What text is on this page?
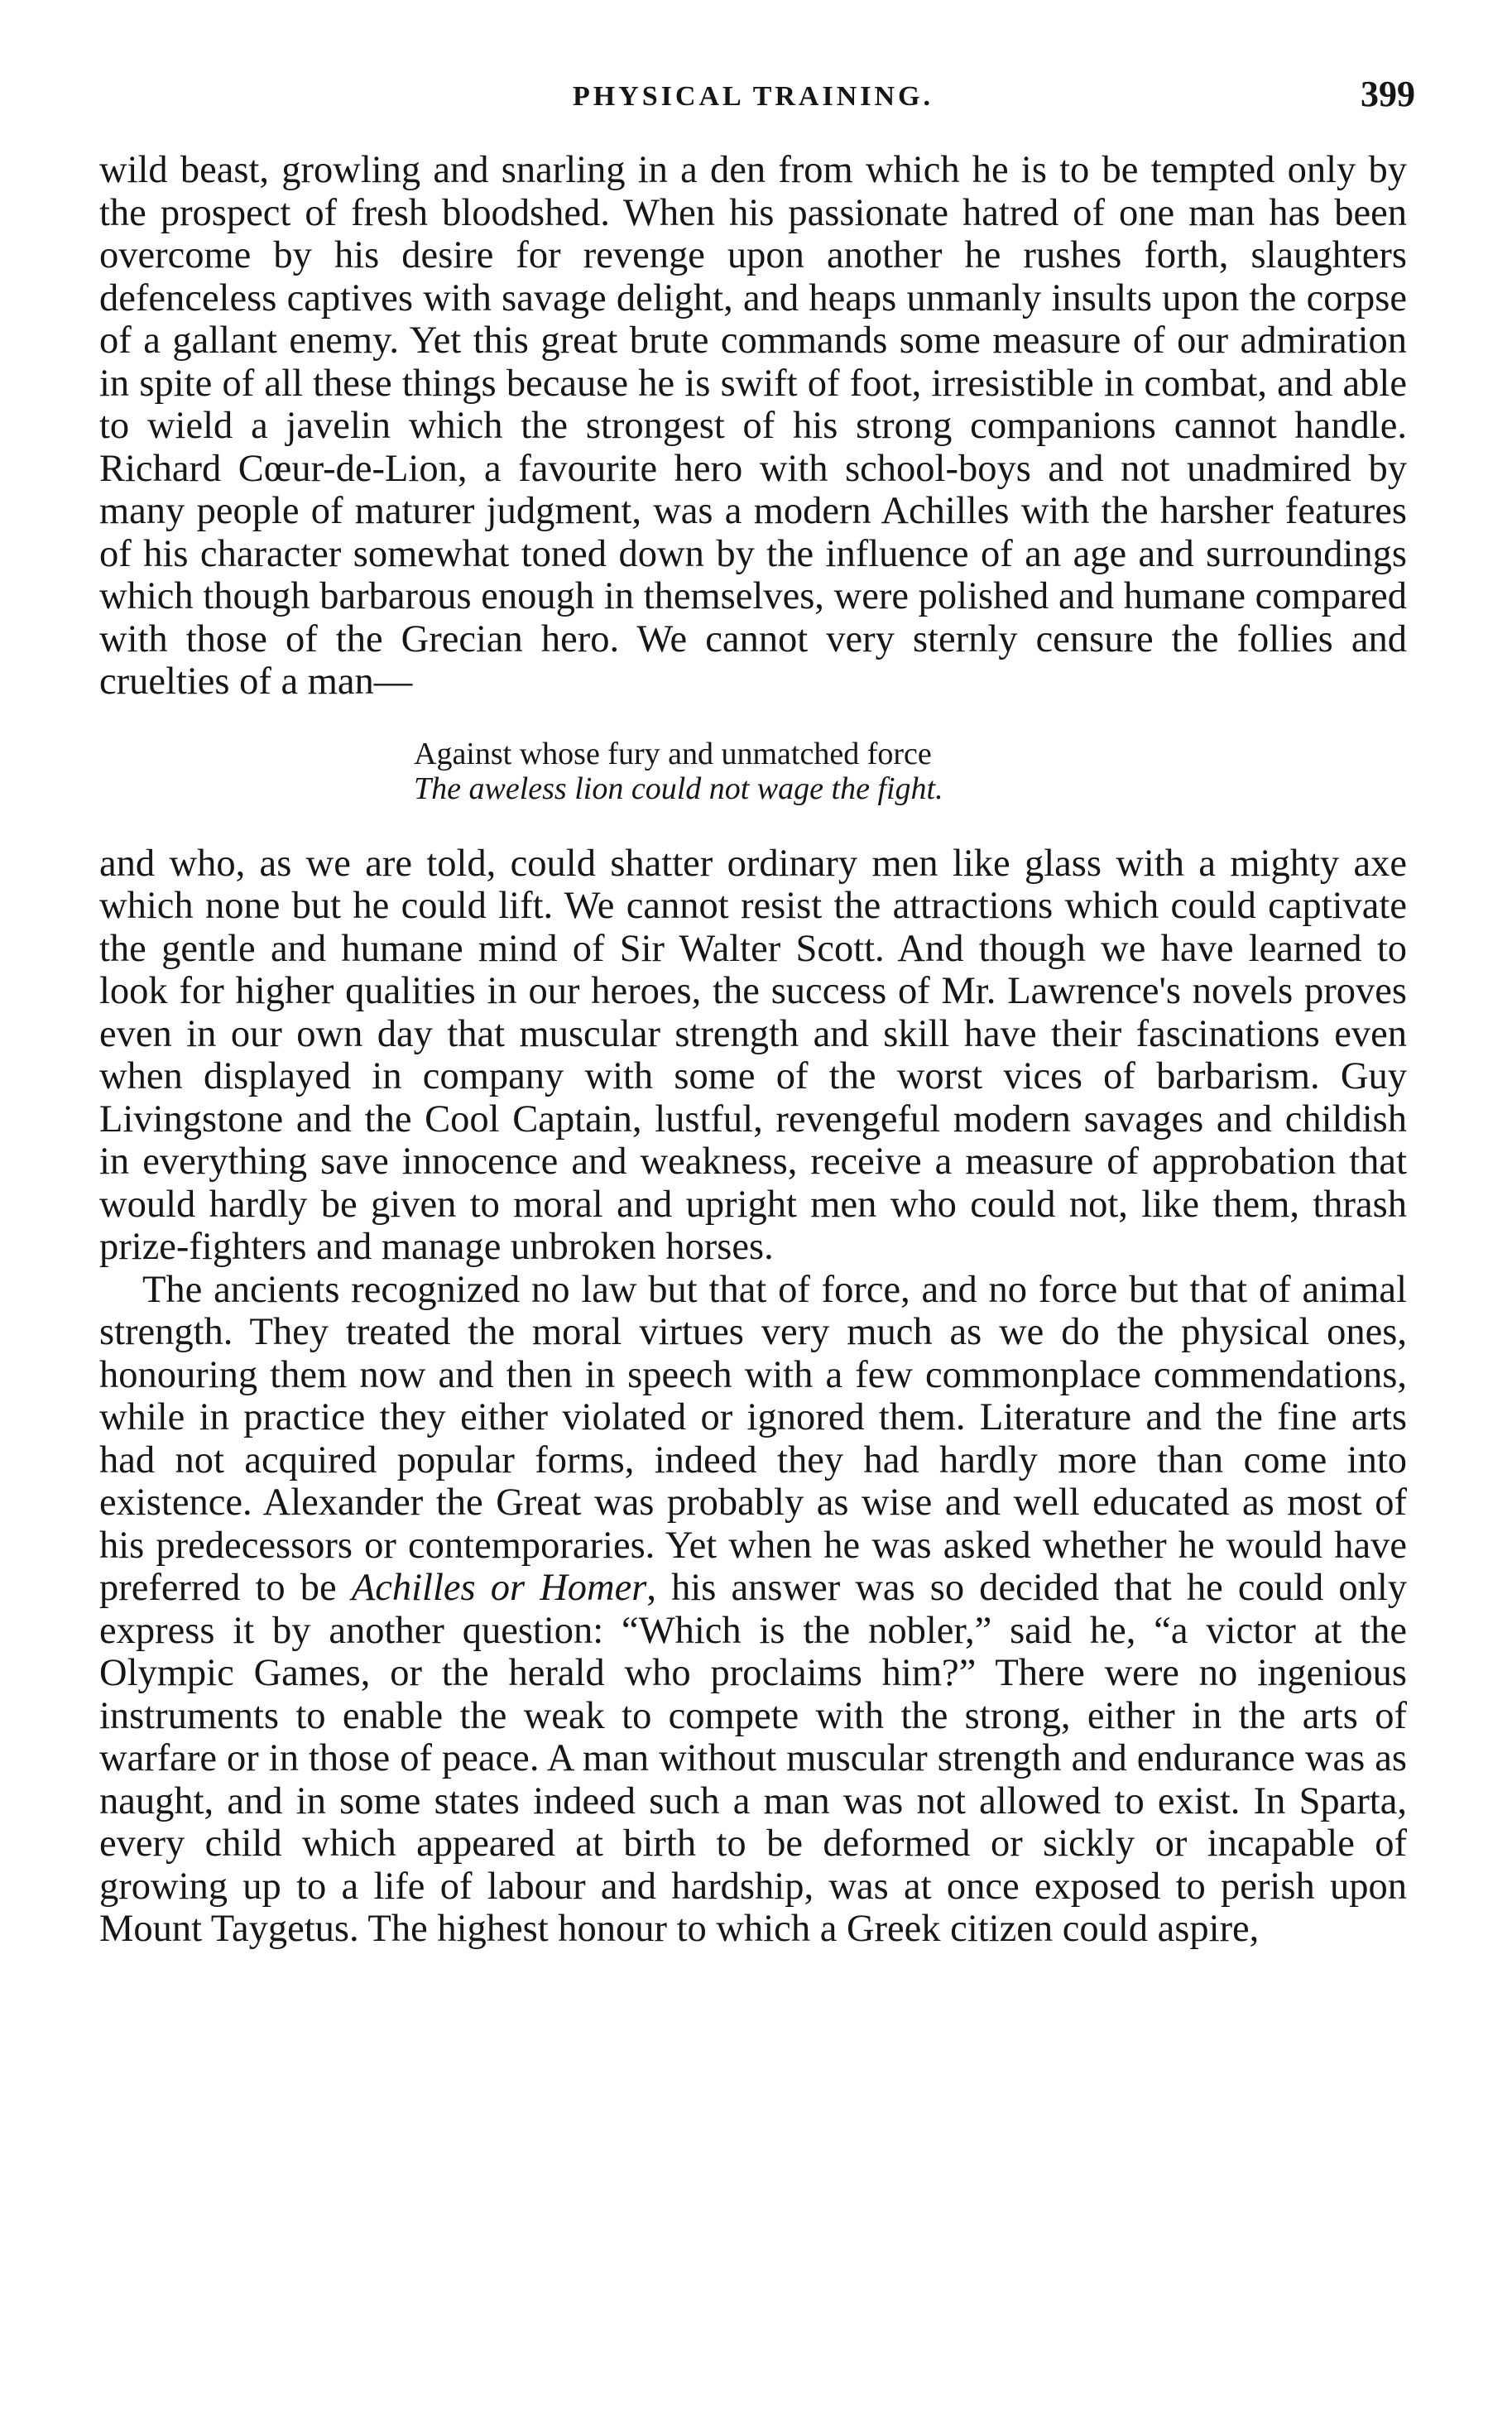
PHYSICAL TRAINING.	399

wild beast, growling and snarling in a den from which he is to be tempted only by the prospect of fresh bloodshed. When his passionate hatred of one man has been overcome by his desire for revenge upon another he rushes forth, slaughters defenceless captives with savage delight, and heaps unmanly insults upon the corpse of a gallant enemy. Yet this great brute commands some measure of our admiration in spite of all these things because he is swift of foot, irresistible in combat, and able to wield a javelin which the strongest of his strong companions cannot handle. Richard Cœur-de-Lion, a favourite hero with school-boys and not unadmired by many people of maturer judgment, was a modern Achilles with the harsher features of his character somewhat toned down by the influence of an age and surroundings which though barbarous enough in themselves, were polished and humane compared with those of the Grecian hero. We cannot very sternly censure the follies and cruelties of a man—

Against whose fury and unmatched force
The aweless lion could not wage the fight.

and who, as we are told, could shatter ordinary men like glass with a mighty axe which none but he could lift. We cannot resist the attractions which could captivate the gentle and humane mind of Sir Walter Scott. And though we have learned to look for higher qualities in our heroes, the success of Mr. Lawrence's novels proves even in our own day that muscular strength and skill have their fascinations even when displayed in company with some of the worst vices of barbarism. Guy Livingstone and the Cool Captain, lustful, revengeful modern savages and childish in everything save innocence and weakness, receive a measure of approbation that would hardly be given to moral and upright men who could not, like them, thrash prize-fighters and manage unbroken horses.

The ancients recognized no law but that of force, and no force but that of animal strength. They treated the moral virtues very much as we do the physical ones, honouring them now and then in speech with a few commonplace commendations, while in practice they either violated or ignored them. Literature and the fine arts had not acquired popular forms, indeed they had hardly more than come into existence. Alexander the Great was probably as wise and well educated as most of his predecessors or contemporaries. Yet when he was asked whether he would have preferred to be Achilles or Homer, his answer was so decided that he could only express it by another question: “Which is the nobler,” said he, “a victor at the Olympic Games, or the herald who proclaims him?” There were no ingenious instruments to enable the weak to compete with the strong, either in the arts of warfare or in those of peace. A man without muscular strength and endurance was as naught, and in some states indeed such a man was not allowed to exist. In Sparta, every child which appeared at birth to be deformed or sickly or incapable of growing up to a life of labour and hardship, was at once exposed to perish upon Mount Taygetus. The highest honour to which a Greek citizen could aspire,
